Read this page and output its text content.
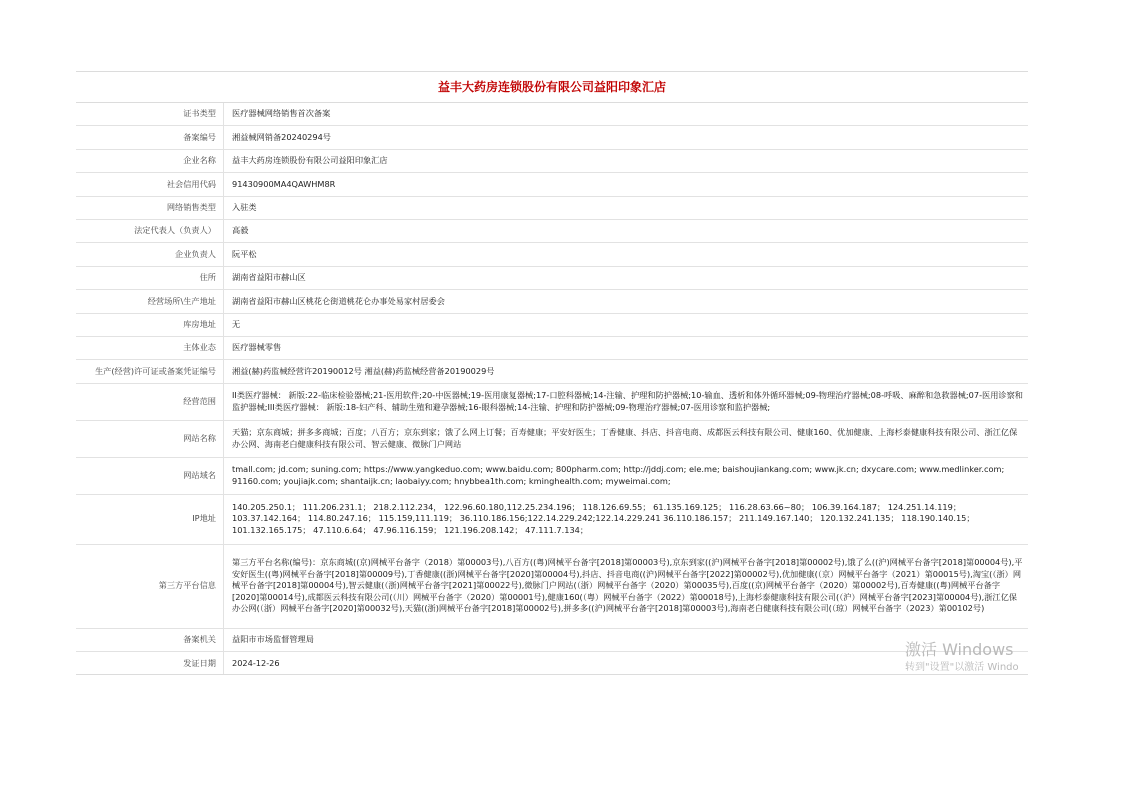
益丰大药房连锁股份有限公司益阳印象汇店
证书类型	医疗器械网络销售首次备案
备案编号	湘益械网销备20240294号
企业名称	益丰大药房连锁股份有限公司益阳印象汇店
社会信用代码	91430900MA4QAWHM8R
网络销售类型	入驻类
法定代表人（负责人）	高毅
企业负责人	阮平松
住所	湖南省益阳市赫山区
经营场所\生产地址	湖南省益阳市赫山区桃花仑街道桃花仑办事处易家村居委会
库房地址	无
主体业态	医疗器械零售
生产(经营)许可证或备案凭证编号	湘益(赫)药监械经营许20190012号 湘益(赫)药监械经营备20190029号
经营范围	II类医疗器械： 新版:22-临床检验器械;21-医用软件;20-中医器械;19-医用康复器械;17-口腔科器械;14-注输、护理和防护器械;10-输血、透析和体外循环器械;09-物理治疗器械;08-呼吸、麻醉和急救器械;07-医用诊察和监护器械;III类医疗器械： 新版:18-妇产科、辅助生殖和避孕器械;16-眼科器械;14-注输、护理和防护器械;09-物理治疗器械;07-医用诊察和监护器械;
网站名称	天猫；京东商城；拼多多商城；百度；八百方；京东到家；饿了么网上订餐；百寿健康；平安好医生；丁香健康、抖店、抖音电商、成都医云科技有限公司、健康160、优加健康、上海杉泰健康科技有限公司、浙江亿保办公网、海南老白健康科技有限公司、智云健康、微脉门户网站
网站域名	tmall.com; jd.com; suning.com; https://www.yangkeduo.com; www.baidu.com; 800pharm.com; http://jddj.com; ele.me; baishoujiankang.com; www.jk.cn; dxycare.com; www.medlinker.com; 91160.com; youjiajk.com; shantaijk.cn; laobaiyy.com; hnybbea1th.com; kminghealth.com; myweimai.com;
IP地址	140.205.250.1； 111.206.231.1； 218.2.112.234， 122.96.60.180,112.25.234.196； 118.126.69.55； 61.135.169.125； 116.28.63.66~80； 106.39.164.187； 124.251.14.119； 103.37.142.164； 114.80.247.16； 115.159,111.119； 36.110.186.156;122.14.229.242;122.14.229.241 36.110.186.157； 211.149.167.140； 120.132.241.135； 118.190.140.15； 101.132.165.175； 47.110.6.64； 47.96.116.159； 121.196.208.142； 47.111.7.134；
第三方平台信息	第三方平台名称(编号)：京东商城((京)网械平台备字（2018）第00003号),八百方((粤)网械平台备字[2018]第00003号),京东到家((沪)网械平台备字[2018]第00002号),饿了么((沪)网械平台备字[2018]第00004号),平安好医生((粤)网械平台备字[2018]第00009号),丁香健康((浙)网械平台备字[2020]第00004号),抖店、抖音电商((沪)网械平台备字[2022]第00002号),优加健康(（京）网械平台备字（2021）第00015号),淘宝(（浙）网械平台备字[2018]第00004号),智云健康(（浙)网械平台备字[2021]第00022号),微脉门户网站(（浙）网械平台备字（2020）第00035号),百度((京)网械平台备字（2020）第00002号),百寿健康((粤)网械平台备字[2020]第00014号),成都医云科技有限公司(（川）网械平台备字（2020）第00001号),健康160(（粤）网械平台备字（2022）第00018号),上海杉泰健康科技有限公司(（沪）网械平台备字[2023]第00004号),浙江亿保办公网(（浙）网械平台备字[2020]第00032号),天猫((浙)网械平台备字[2018]第00002号),拼多多((沪)网械平台备字[2018]第00003号),海南老白健康科技有限公司(（琼）网械平台备字（2023）第00102号)
备案机关	益阳市市场监督管理局
发证日期	2024-12-26
激活 Windows
转到"设置"以激活 Windo
